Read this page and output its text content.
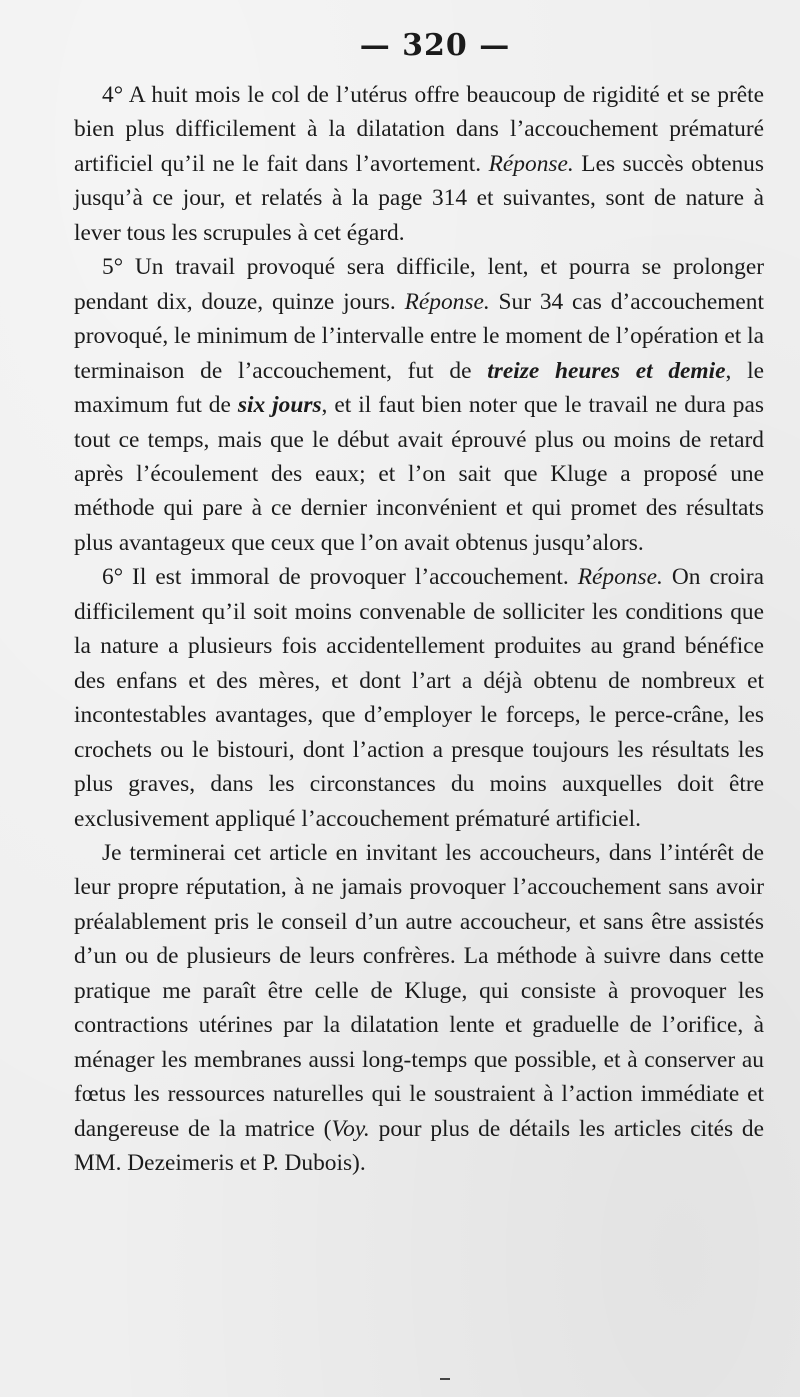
— 320 —

4° A huit mois le col de l’utérus offre beaucoup de rigidité et se prête bien plus difficilement à la dilatation dans l’accouchement prématuré artificiel qu’il ne le fait dans l’avortement. Réponse. Les succès obtenus jusqu’à ce jour, et relatés à la page 314 et suivantes, sont de nature à lever tous les scrupules à cet égard.

5° Un travail provoqué sera difficile, lent, et pourra se prolonger pendant dix, douze, quinze jours. Réponse. Sur 34 cas d’accouchement provoqué, le minimum de l’intervalle entre le moment de l’opération et la terminaison de l’accouchement, fut de treize heures et demie, le maximum fut de six jours, et il faut bien noter que le travail ne dura pas tout ce temps, mais que le début avait éprouvé plus ou moins de retard après l’écoulement des eaux; et l’on sait que Kluge a proposé une méthode qui pare à ce dernier inconvénient et qui promet des résultats plus avantageux que ceux que l’on avait obtenus jusqu’alors.

6° Il est immoral de provoquer l’accouchement. Réponse. On croira difficilement qu’il soit moins convenable de solliciter les conditions que la nature a plusieurs fois accidentellement produites au grand bénéfice des enfans et des mères, et dont l’art a déjà obtenu de nombreux et incontestables avantages, que d’employer le forceps, le perce-crâne, les crochets ou le bistouri, dont l’action a presque toujours les résultats les plus graves, dans les circonstances du moins auxquelles doit être exclusivement appliqué l’accouchement prématuré artificiel.

Je terminerai cet article en invitant les accoucheurs, dans l’intérêt de leur propre réputation, à ne jamais provoquer l’accouchement sans avoir préalablement pris le conseil d’un autre accoucheur, et sans être assistés d’un ou de plusieurs de leurs confrères. La méthode à suivre dans cette pratique me paraît être celle de Kluge, qui consiste à provoquer les contractions utérines par la dilatation lente et graduelle de l’orifice, à ménager les membranes aussi long-temps que possible, et à conserver au fœtus les ressources naturelles qui le soustraient à l’action immédiate et dangereuse de la matrice (Voy. pour plus de détails les articles cités de MM. Dezeimeris et P. Dubois).
